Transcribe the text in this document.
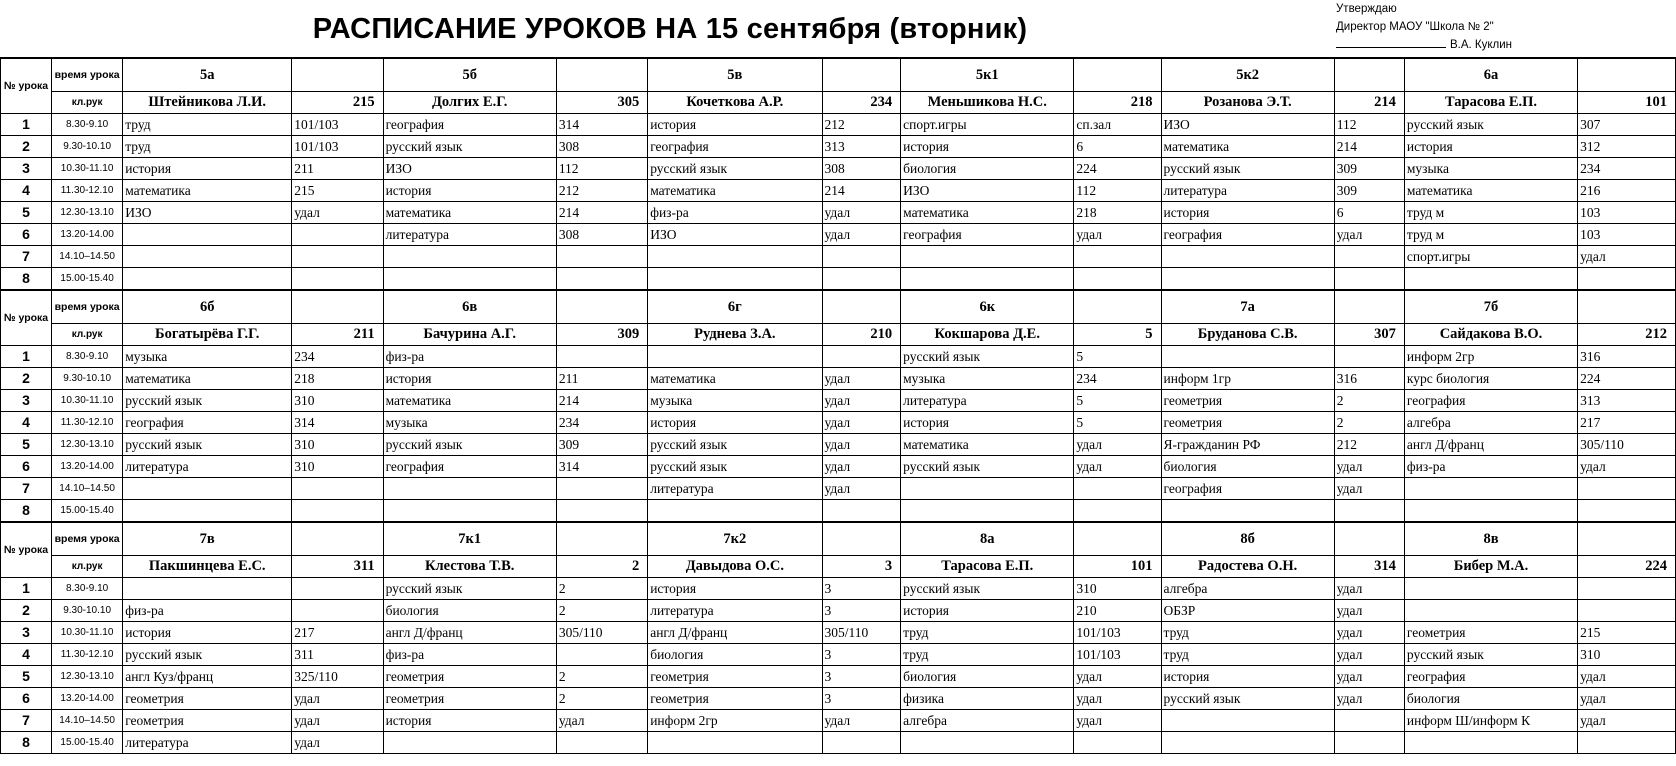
РАСПИСАНИЕ УРОКОВ НА 15 сентября (вторник)
Утверждаю
Директор МАОУ "Школа № 2"
В.А. Куклин
№ урока	время урока	5а		5б		5в		5к1		5к2		6а	
	кл.рук	Штейникова Л.И.	215	Долгих Е.Г.	305	Кочеткова А.Р.	234	Меньшикова Н.С.	218	Розанова Э.Т.	214	Тарасова Е.П.	101
1	8.30-9.10	труд	101/103	география	314	история	212	спорт.игры	сп.зал	ИЗО	112	русский язык	307
2	9.30-10.10	труд	101/103	русский язык	308	география	313	история	6	математика	214	история	312
3	10.30-11.10	история	211	ИЗО	112	русский язык	308	биология	224	русский язык	309	музыка	234
4	11.30-12.10	математика	215	история	212	математика	214	ИЗО	112	литература	309	математика	216
5	12.30-13.10	ИЗО	удал	математика	214	физ-ра	удал	математика	218	история	6	труд м	103
6	13.20-14.00			литература	308	ИЗО	удал	география	удал	география	удал	труд м	103
7	14.10–14.50											спорт.игры	удал
8	15.00-15.40												
№ урока	время урока	6б		6в		6г		6к		7а		7б	
	кл.рук	Богатырёва Г.Г.	211	Бачурина А.Г.	309	Руднева З.А.	210	Кокшарова Д.Е.	5	Бруданова С.В.	307	Сайдакова В.О.	212
1	8.30-9.10	музыка	234	физ-ра				русский язык	5			информ 2гр	316
2	9.30-10.10	математика	218	история	211	математика	удал	музыка	234	информ 1гр	316	курс биология	224
3	10.30-11.10	русский язык	310	математика	214	музыка	удал	литература	5	геометрия	2	география	313
4	11.30-12.10	география	314	музыка	234	история	удал	история	5	геометрия	2	алгебра	217
5	12.30-13.10	русский язык	310	русский язык	309	русский язык	удал	математика	удал	Я-гражданин РФ	212	англ Д/франц	305/110
6	13.20-14.00	литература	310	география	314	русский язык	удал	русский язык	удал	биология	удал	физ-ра	удал
7	14.10–14.50					литература	удал			география	удал		
8	15.00-15.40												
№ урока	время урока	7в		7к1		7к2		8а		8б		8в	
	кл.рук	Пакшинцева Е.С.	311	Клестова Т.В.	2	Давыдова О.С.	3	Тарасова Е.П.	101	Радостева О.Н.	314	Бибер М.А.	224
1	8.30-9.10			русский язык	2	история	3	русский язык	310	алгебра	удал		
2	9.30-10.10	физ-ра		биология	2	литература	3	история	210	ОБЗР	удал		
3	10.30-11.10	история	217	англ Д/франц	305/110	англ Д/франц	305/110	труд	101/103	труд	удал	геометрия	215
4	11.30-12.10	русский язык	311	физ-ра		биология	3	труд	101/103	труд	удал	русский язык	310
5	12.30-13.10	англ Куз/франц	325/110	геометрия	2	геометрия	3	биология	удал	история	удал	география	удал
6	13.20-14.00	геометрия	удал	геометрия	2	геометрия	3	физика	удал	русский язык	удал	биология	удал
7	14.10–14.50	геометрия	удал	история	удал	информ 2гр	удал	алгебра	удал			информ Ш/информ К	удал
8	15.00-15.40	литература	удал										
